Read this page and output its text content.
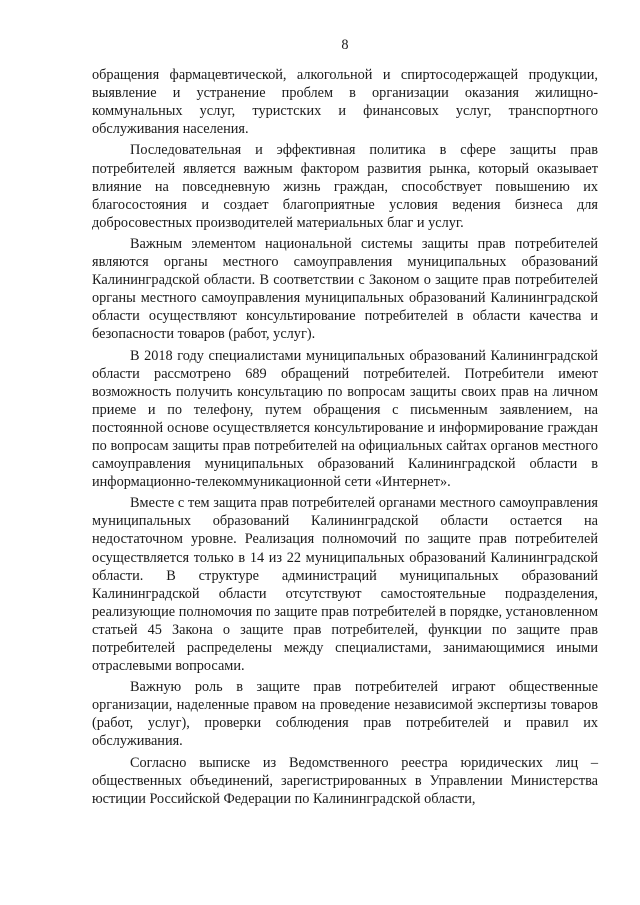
8

обращения фармацевтической, алкогольной и спиртосодержащей продукции, выявление и устранение проблем в организации оказания жилищно-коммунальных услуг, туристских и финансовых услуг, транспортного обслуживания населения.

Последовательная и эффективная политика в сфере защиты прав потребителей является важным фактором развития рынка, который оказывает влияние на повседневную жизнь граждан, способствует повышению их благосостояния и создает благоприятные условия ведения бизнеса для добросовестных производителей материальных благ и услуг.

Важным элементом национальной системы защиты прав потребителей являются органы местного самоуправления муниципальных образований Калининградской области. В соответствии с Законом о защите прав потребителей органы местного самоуправления муниципальных образований Калининградской области осуществляют консультирование потребителей в области качества и безопасности товаров (работ, услуг).

В 2018 году специалистами муниципальных образований Калининградской области рассмотрено 689 обращений потребителей. Потребители имеют возможность получить консультацию по вопросам защиты своих прав на личном приеме и по телефону, путем обращения с письменным заявлением, на постоянной основе осуществляется консультирование и информирование граждан по вопросам защиты прав потребителей на официальных сайтах органов местного самоуправления муниципальных образований Калининградской области в информационно-телекоммуникационной сети «Интернет».

Вместе с тем защита прав потребителей органами местного самоуправления муниципальных образований Калининградской области остается на недостаточном уровне. Реализация полномочий по защите прав потребителей осуществляется только в 14 из 22 муниципальных образований Калининградской области. В структуре администраций муниципальных образований Калининградской области отсутствуют самостоятельные подразделения, реализующие полномочия по защите прав потребителей в порядке, установленном статьей 45 Закона о защите прав потребителей, функции по защите прав потребителей распределены между специалистами, занимающимися иными отраслевыми вопросами.

Важную роль в защите прав потребителей играют общественные организации, наделенные правом на проведение независимой экспертизы товаров (работ, услуг), проверки соблюдения прав потребителей и правил их обслуживания.

Согласно выписке из Ведомственного реестра юридических лиц – общественных объединений, зарегистрированных в Управлении Министерства юстиции Российской Федерации по Калининградской области,
